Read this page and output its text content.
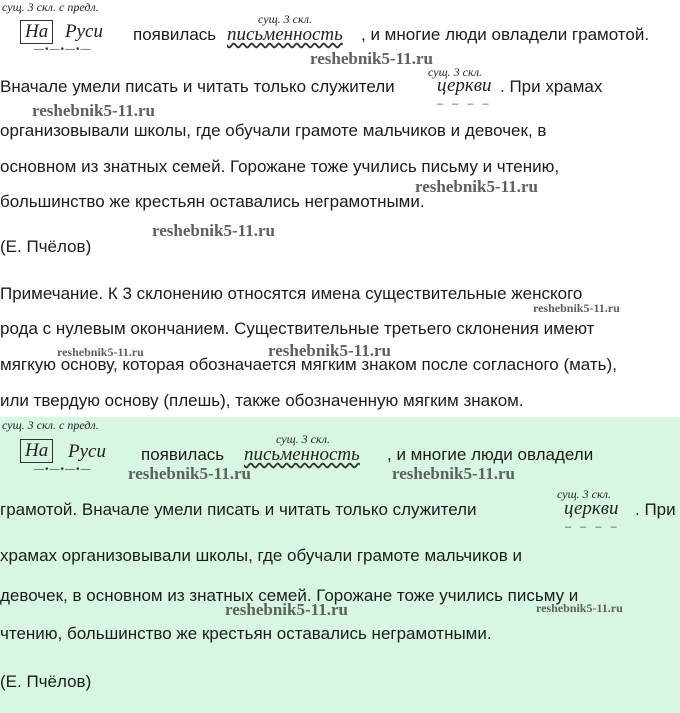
сущ. 3 скл. с предл.
На Руси
—•—•—•—
появилась
сущ. 3 скл.
письменность , и многие люди овладели грамотой.
Вначале умели писать и читать только служители
сущ. 3 скл.
церкви
– – – –
. При храмах
организовывали школы, где обучали грамоте мальчиков и девочек, в
основном из знатных семей. Горожане тоже учились письму и чтению,
большинство же крестьян оставались неграмотными.
(Е. Пчёлов)
Примечание. К 3 склонению относятся имена существительные женского
рода с нулевым окончанием. Существительные третьего склонения имеют
мягкую основу, которая обозначается мягким знаком после согласного (мать),
или твердую основу (плешь), также обозначенную мягким знаком.
reshebnik5-11.ru
reshebnik5-11.ru
reshebnik5-11.ru
reshebnik5-11.ru
reshebnik5-11.ru
reshebnik5-11.ru	reshebnik5-11.ru
сущ. 3 скл. с предл.
На Руси
—•—•—•—
появилась
сущ. 3 скл.
письменность , и многие люди овладели
грамотой. Вначале умели писать и читать только служители
сущ. 3 скл.
церкви
– – – –
. При
храмах организовывали школы, где обучали грамоте мальчиков и
девочек, в основном из знатных семей. Горожане тоже учились письму и
чтению, большинство же крестьян оставались неграмотными.
(Е. Пчёлов)
reshebnik5-11.ru	reshebnik5-11.ru
reshebnik5-11.ru	reshebnik5-11.ru
